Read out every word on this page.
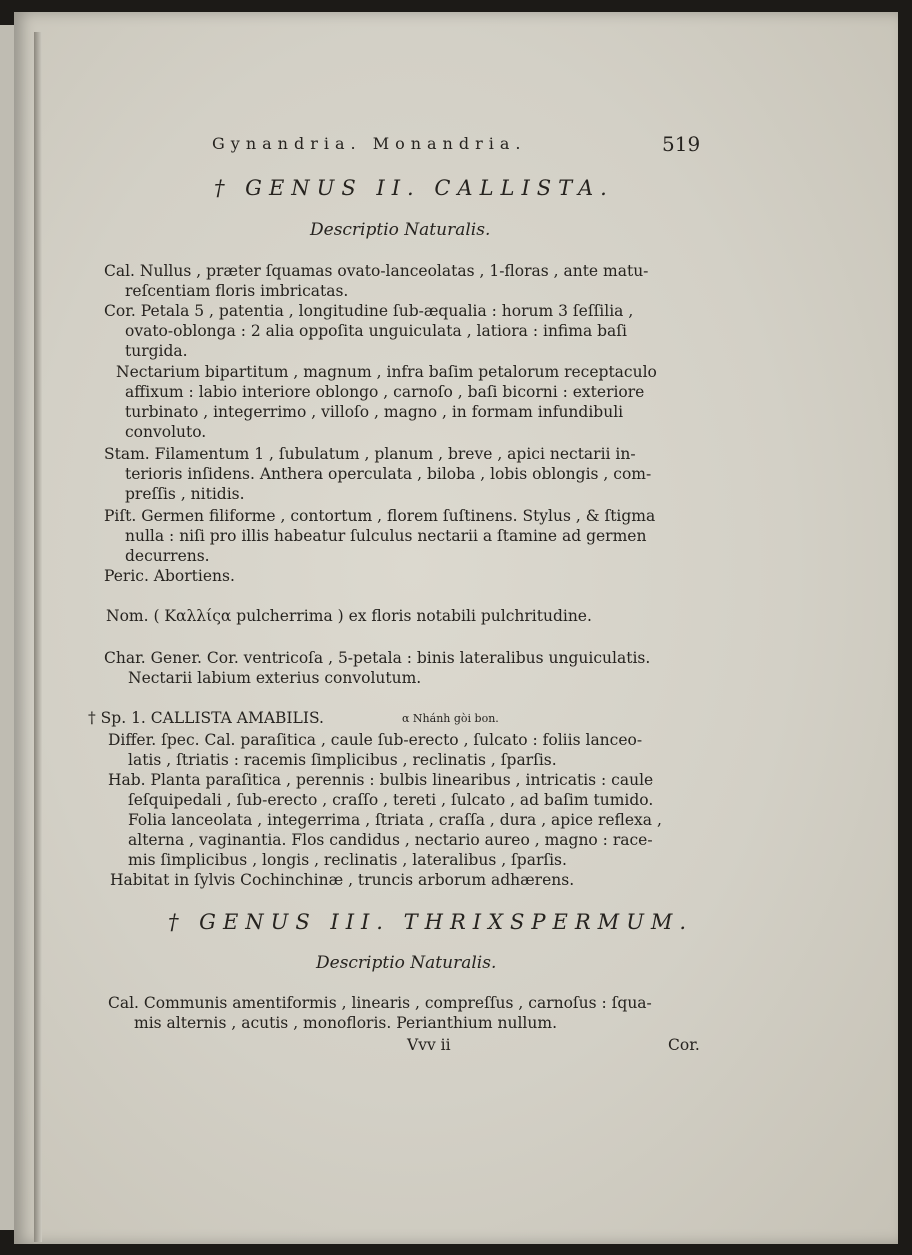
Gynandria. Monandria.	519
† GENUS II. CALLISTA.
Descriptio Naturalis.
Cal. Nullus , præter ſquamas ovato-lanceolatas , 1-floras , ante matu-
reſcentiam floris imbricatas.
Cor. Petala 5 , patentia , longitudine ſub-æqualia : horum 3 ſeſſilia ,
ovato-oblonga : 2 alia oppoſita unguiculata , latiora : infima baſi
turgida.
Nectarium bipartitum , magnum , infra baſim petalorum receptaculo
affixum : labio interiore oblongo , carnoſo , baſi bicorni : exteriore
turbinato , integerrimo , villoſo , magno , in formam infundibuli
convoluto.
Stam. Filamentum 1 , ſubulatum , planum , breve , apici nectarii in-
terioris inſidens. Anthera operculata , biloba , lobis oblongis , com-
preſſis , nitidis.
Piſt. Germen filiforme , contortum , florem ſuſtinens. Stylus , & ſtigma
nulla : niſi pro illis habeatur ſulculus nectarii a ſtamine ad germen
decurrens.
Peric. Abortiens.
Nom. ( Καλλίςα pulcherrima ) ex floris notabili pulchritudine.
Char. Gener. Cor. ventricoſa , 5-petala : binis lateralibus unguiculatis.
Nectarii labium exterius convolutum.
† Sp. 1. CALLISTA AMABILIS.	α Nhánh gòi bon.
Differ. ſpec. Cal. paraſitica , caule ſub-erecto , ſulcato : foliis lanceo-
latis , ſtriatis : racemis ſimplicibus , reclinatis , ſparſis.
Hab. Planta paraſitica , perennis : bulbis linearibus , intricatis : caule
ſeſquipedali , ſub-erecto , craſſo , tereti , ſulcato , ad baſim tumido.
Folia lanceolata , integerrima , ſtriata , craſſa , dura , apice reflexa ,
alterna , vaginantia. Flos candidus , nectario aureo , magno : race-
mis ſimplicibus , longis , reclinatis , lateralibus , ſparſis.
Habitat in ſylvis Cochinchinæ , truncis arborum adhærens.
† GENUS III. THRIXSPERMUM.
Descriptio Naturalis.
Cal. Communis amentiformis , linearis , compreſſus , carnoſus : ſqua-
mis alternis , acutis , monofloris. Perianthium nullum.
Vvv ii	Cor.
